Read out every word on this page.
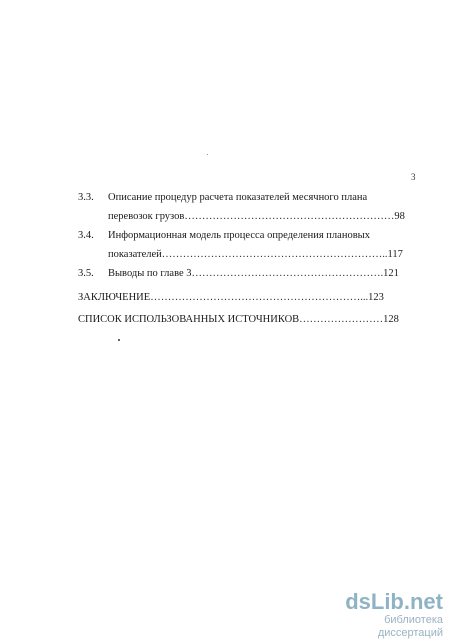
3
3.3.	Описание процедур расчета показателей месячного плана
перевозок грузов …………………………………………………… 98
3.4.	Информационная модель процесса определения плановых
показателей ……………………………………………………….. 117
3.5.	Выводы по главе 3 ………………………………………………. 121
ЗАКЛЮЧЕНИЕ ……………………………………………………... 123
СПИСОК ИСПОЛЬЗОВАННЫХ ИСТОЧНИКОВ …………………… 128
dsLib.net
библиотека диссертаций
